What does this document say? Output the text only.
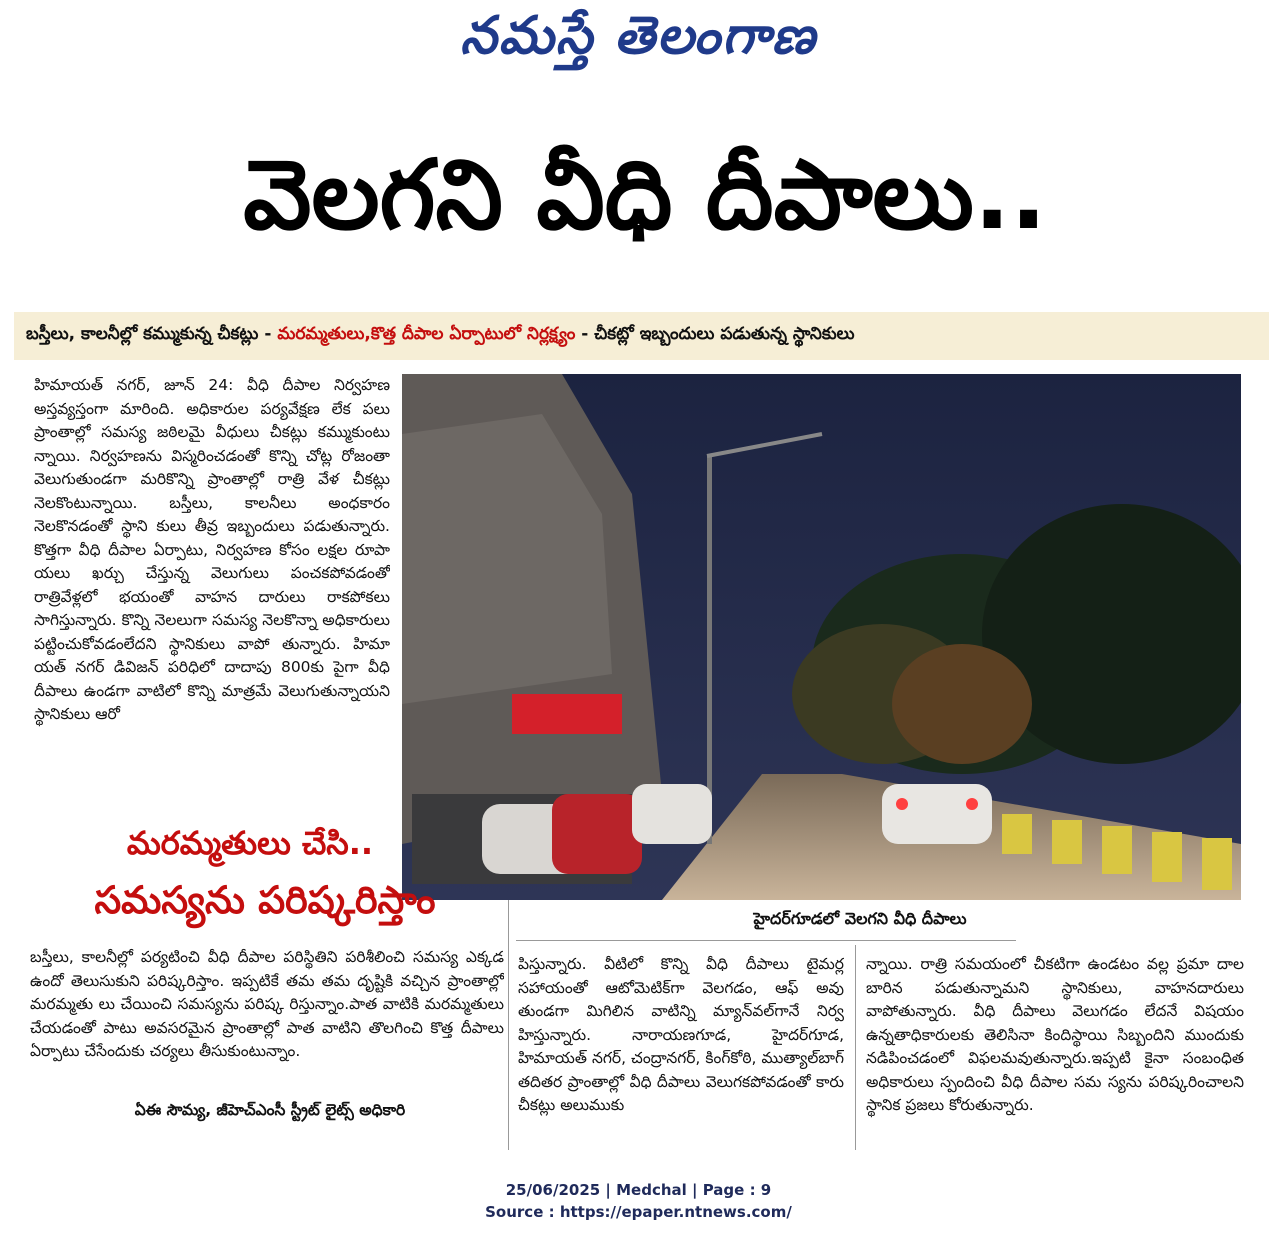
నమస్తే తెలంగాణ
వెలగని వీధి దీపాలు..
బస్తీలు, కాలనీల్లో కమ్ముకున్న చీకట్లు - మరమ్మతులు,కొత్త దీపాల ఏర్పాటులో నిర్లక్ష్యం - చీకట్లో ఇబ్బందులు పడుతున్న స్థానికులు
హిమాయత్ నగర్, జూన్ 24: వీధి దీపాల నిర్వహణ అస్తవ్యస్తంగా మారింది. అధికారుల పర్యవేక్షణ లేక పలు ప్రాంతాల్లో సమస్య జఠిలమై వీధులు చీకట్లు కమ్ముకుంటు న్నాయి. నిర్వహణను విస్మరించడంతో కొన్ని చోట్ల రోజంతా వెలుగుతుండగా మరికొన్ని ప్రాంతాల్లో రాత్రి వేళ చీకట్లు నెలకొంటున్నాయి. బస్తీలు, కాలనీలు అంధకారం నెలకొనడంతో స్థాని కులు తీవ్ర ఇబ్బందులు పడుతున్నారు. కొత్తగా వీధి దీపాల ఏర్పాటు, నిర్వహణ కోసం లక్షల రూపా యలు ఖర్చు చేస్తున్న వెలుగులు పంచకపోవడంతో రాత్రివేళ్లలో భయంతో వాహన దారులు రాకపోకలు సాగిస్తున్నారు. కొన్ని నెలలుగా సమస్య నెలకొన్నా అధికారులు పట్టించుకోవడంలేదని స్థానికులు వాపో తున్నారు. హిమా యత్ నగర్ డివిజన్ పరిధిలో దాదాపు 800కు పైగా వీధి దీపాలు ఉండగా వాటిలో కొన్ని మాత్రమే వెలుగుతున్నాయని స్థానికులు ఆరో
హైదర్‌గూడలో వెలగని వీధి దీపాలు
మరమ్మతులు చేసి..
సమస్యను పరిష్కరిస్తాం
బస్తీలు, కాలనీల్లో పర్యటించి వీధి దీపాల పరిస్థితిని పరిశీలించి సమస్య ఎక్కడ ఉందో తెలుసుకుని పరిష్కరిస్తాం. ఇప్పటికే తమ తమ దృష్టికి వచ్చిన ప్రాంతాల్లో మరమ్మతు లు చేయించి సమస్యను పరిష్క రిస్తున్నాం.పాత వాటికి మరమ్మతులు చేయడంతో పాటు అవసరమైన ప్రాంతాల్లో పాత వాటిని తొలగించి కొత్త దీపాలు ఏర్పాటు చేసేందుకు చర్యలు తీసుకుంటున్నాం.
ఏఈ సౌమ్య, జీహెచ్ఎంసీ స్ట్రీట్ లైట్స్ అధికారి
పిస్తున్నారు. వీటిలో కొన్ని వీధి దీపాలు టైమర్ల సహాయంతో ఆటోమెటిక్‌గా వెలగడం, ఆఫ్ అవు తుండగా మిగిలిన వాటిన్ని మ్యాన్‌వల్‌గానే నిర్వ హిస్తున్నారు. నారాయణగూడ, హైదర్‌గూడ, హిమాయత్ నగర్, చంద్రానగర్, కింగ్‌కోఠి, ముత్యాల్‌బాగ్ తదితర ప్రాంతాల్లో వీధి దీపాలు వెలుగకపోవడంతో కారు చీకట్లు అలుముకు
న్నాయి. రాత్రి సమయంలో చీకటిగా ఉండటం వల్ల ప్రమా దాల బారిన పడుతున్నామని స్థానికులు, వాహనదారులు వాపోతున్నారు. వీధి దీపాలు వెలుగడం లేదనే విషయం ఉన్నతాధికారులకు తెలిసినా కిందిస్థాయి సిబ్బందిని ముందుకు నడిపించడంలో విఫలమవుతున్నారు.ఇప్పటి కైనా సంబంధిత అధికారులు స్పందించి వీధి దీపాల సమ స్యను పరిష్కరించాలని స్థానిక ప్రజలు కోరుతున్నారు.
25/06/2025 | Medchal | Page : 9
Source : https://epaper.ntnews.com/
